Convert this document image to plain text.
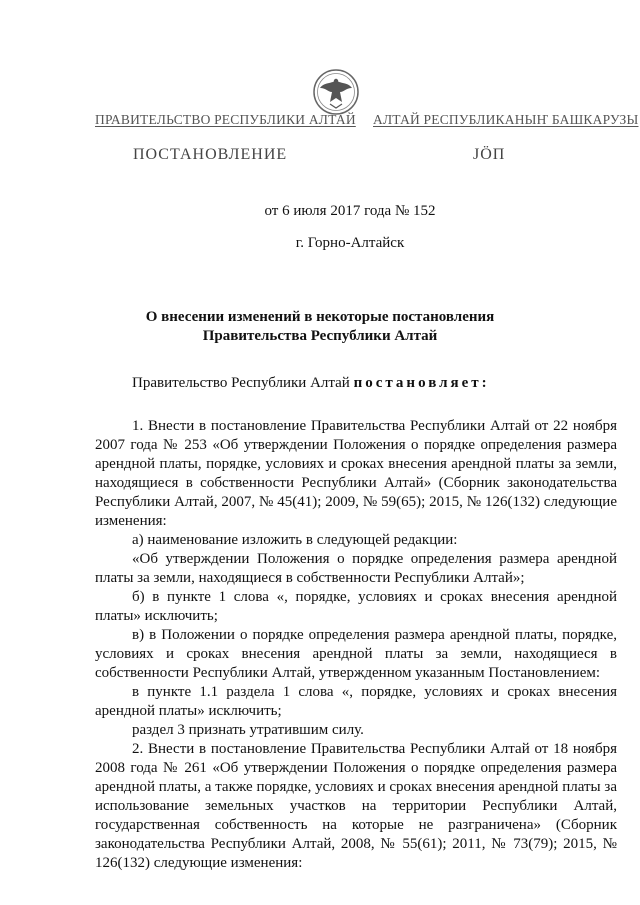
ПРАВИТЕЛЬСТВО РЕСПУБЛИКИ АЛТАЙ АЛТАЙ РЕСПУБЛИКАНЫҤ БАШКАРУЗЫ
ПОСТАНОВЛЕНИЕ	ЈÖП
от 6 июля 2017 года № 152
г. Горно-Алтайск
О внесении изменений в некоторые постановления
Правительства Республики Алтай

Правительство Республики Алтай постановляет:

1. Внести в постановление Правительства Республики Алтай от 22 ноября 2007 года № 253 «Об утверждении Положения о порядке определения размера арендной платы, порядке, условиях и сроках внесения арендной платы за земли, находящиеся в собственности Республики Алтай» (Сборник законодательства Республики Алтай, 2007, № 45(41); 2009, № 59(65); 2015, № 126(132) следующие изменения:

а) наименование изложить в следующей редакции:

«Об утверждении Положения о порядке определения размера арендной платы за земли, находящиеся в собственности Республики Алтай»;

б) в пункте 1 слова «, порядке, условиях и сроках внесения арендной платы» исключить;

в) в Положении о порядке определения размера арендной платы, порядке, условиях и сроках внесения арендной платы за земли, находящиеся в собственности Республики Алтай, утвержденном указанным Постановлением:

в пункте 1.1 раздела 1 слова «, порядке, условиях и сроках внесения арендной платы» исключить;

раздел 3 признать утратившим силу.

2. Внести в постановление Правительства Республики Алтай от 18 ноября 2008 года № 261 «Об утверждении Положения о порядке определения размера арендной платы, а также порядке, условиях и сроках внесения арендной платы за использование земельных участков на территории Республики Алтай, государственная собственность на которые не разграничена» (Сборник законодательства Республики Алтай, 2008, № 55(61); 2011, № 73(79); 2015, № 126(132) следующие изменения:
